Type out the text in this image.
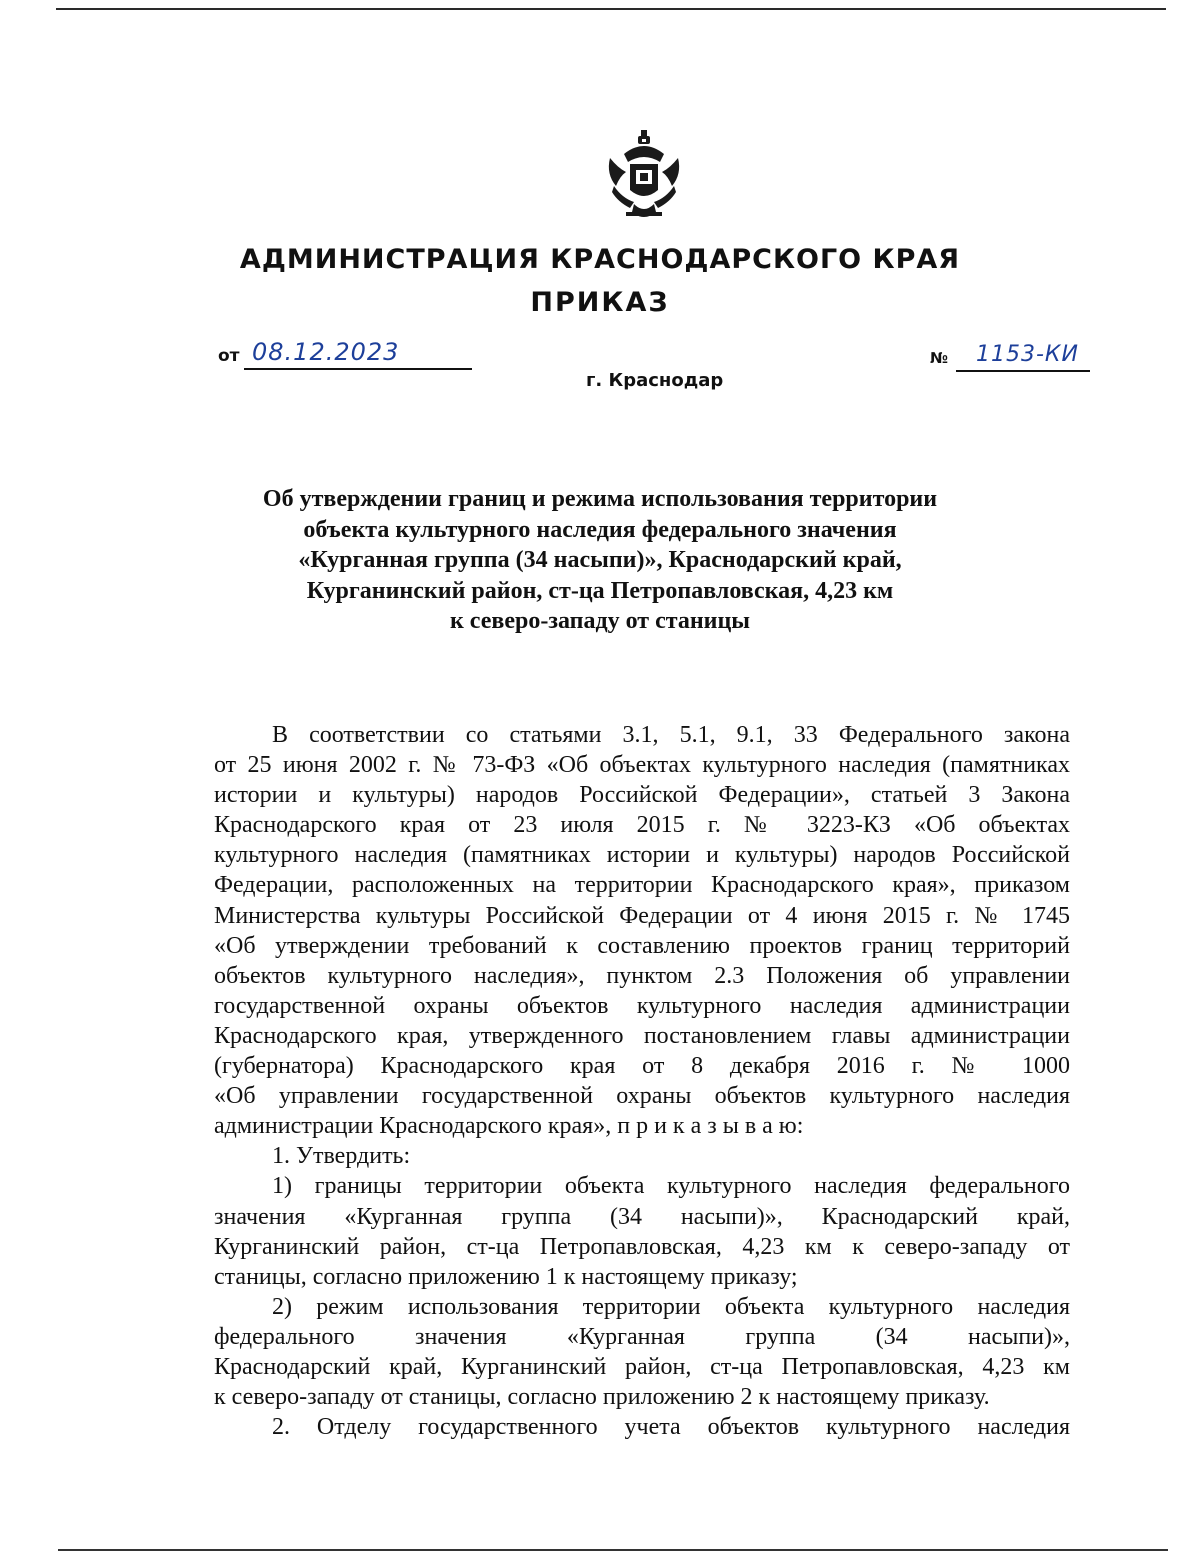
АДМИНИСТРАЦИЯ КРАСНОДАРСКОГО КРАЯ
ПРИКАЗ
от 08.12.2023
г. Краснодар
№ 1153-КИ
Об утверждении границ и режима использования территории
объекта культурного наследия федерального значения
«Курганная группа (34 насыпи)», Краснодарский край,
Курганинский район, ст-ца Петропавловская, 4,23 км
к северо-западу от станицы
В соответствии со статьями 3.1, 5.1, 9.1, 33 Федерального закона
от 25 июня 2002 г. № 73-ФЗ «Об объектах культурного наследия (памятниках
истории и культуры) народов Российской Федерации», статьей 3 Закона
Краснодарского края от 23 июля 2015 г. № 3223-КЗ «Об объектах
культурного наследия (памятниках истории и культуры) народов Российской
Федерации, расположенных на территории Краснодарского края», приказом
Министерства культуры Российской Федерации от 4 июня 2015 г. № 1745
«Об утверждении требований к составлению проектов границ территорий
объектов культурного наследия», пунктом 2.3 Положения об управлении
государственной охраны объектов культурного наследия администрации
Краснодарского края, утвержденного постановлением главы администрации
(губернатора) Краснодарского края от 8 декабря 2016 г. № 1000
«Об управлении государственной охраны объектов культурного наследия
администрации Краснодарского края», п р и к а з ы в а ю:
1. Утвердить:
1) границы территории объекта культурного наследия федерального
значения «Курганная группа (34 насыпи)», Краснодарский край,
Курганинский район, ст-ца Петропавловская, 4,23 км к северо-западу от
станицы, согласно приложению 1 к настоящему приказу;
2) режим использования территории объекта культурного наследия
федерального значения «Курганная группа (34 насыпи)»,
Краснодарский край, Курганинский район, ст-ца Петропавловская, 4,23 км
к северо-западу от станицы, согласно приложению 2 к настоящему приказу.
2. Отделу государственного учета объектов культурного наследия
